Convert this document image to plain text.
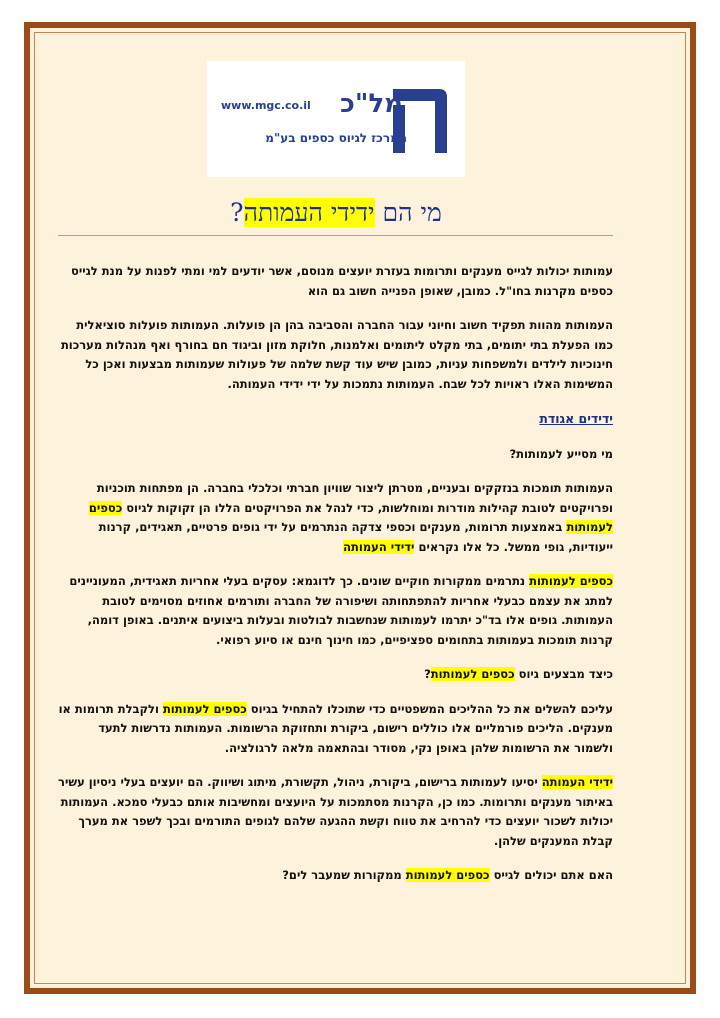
מל"כ
www.mgc.co.il
המרכז לגיוס כספים בע"מ
מי הם ידידי העמותה?

עמותות יכולות לגייס מענקים ותרומות בעזרת יועצים מנוסם, אשר יודעים למי ומתי לפנות על מנת לגייס כספים מקרנות בחו"ל. כמובן, שאופן הפנייה חשוב גם הוא

העמותות מהוות תפקיד חשוב וחיוני עבור החברה והסביבה בהן הן פועלות. העמותות פועלות סוציאלית כמו הפעלת בתי יתומים, בתי מקלט ליתומים ואלמנות, חלוקת מזון וביגוד חם בחורף ואף מנהלות מערכות חינוכיות לילדים ולמשפחות עניות, כמובן שיש עוד קשת שלמה של פעולות שעמותות מבצעות ואכן כל המשימות האלו ראויות לכל שבח. העמותות נתמכות על ידי ידידי העמותה.

ידידים אגודת

מי מסייע לעמותות?

העמותות תומכות בנזקקים ובעניים, מטרתן ליצור שוויון חברתי וכלכלי בחברה. הן מפתחות תוכניות ופרויקטים לטובת קהילות מודרות ומוחלשות, כדי לנהל את הפרויקטים הללו הן זקוקות לגיוס כספים לעמותות באמצעות תרומות, מענקים וכספי צדקה הנתרמים על ידי גופים פרטיים, תאגידים, קרנות ייעודיות, גופי ממשל. כל אלו נקראים ידידי העמותה

כספים לעמותות נתרמים ממקורות חוקיים שונים. כך לדוגמא: עסקים בעלי אחריות תאגידית, המעוניינים למתג את עצמם כבעלי אחריות להתפתחותה ושיפורה של החברה ותורמים אחוזים מסוימים לטובת העמותות. גופים אלו בד"כ יתרמו לעמותות שנחשבות לבולטות ובעלות ביצועים איתנים. באופן דומה, קרנות תומכות בעמותות בתחומים ספציפיים, כמו חינוך חינם או סיוע רפואי.

כיצד מבצעים גיוס כספים לעמותות?

עליכם להשלים את כל ההליכים המשפטיים כדי שתוכלו להתחיל בגיוס כספים לעמותות ולקבלת תרומות או מענקים. הליכים פורמליים אלו כוללים רישום, ביקורת ותחזוקת הרשומות. העמותות נדרשות לתעד ולשמור את הרשומות שלהן באופן נקי, מסודר ובהתאמה מלאה לרגולציה.

ידידי העמותה יסיעו לעמותות ברישום, ביקורת, ניהול, תקשורת, מיתוג ושיווק. הם יועצים בעלי ניסיון עשיר באיתור מענקים ותרומות. כמו כן, הקרנות מסתמכות על היועצים ומחשיבות אותם כבעלי סמכא. העמותות יכולות לשכור יועצים כדי להרחיב את טווח וקשת ההגעה שלהם לגופים התורמים ובכך לשפר את מערך קבלת המענקים שלהן.

האם אתם יכולים לגייס כספים לעמותות ממקורות שמעבר לים?
